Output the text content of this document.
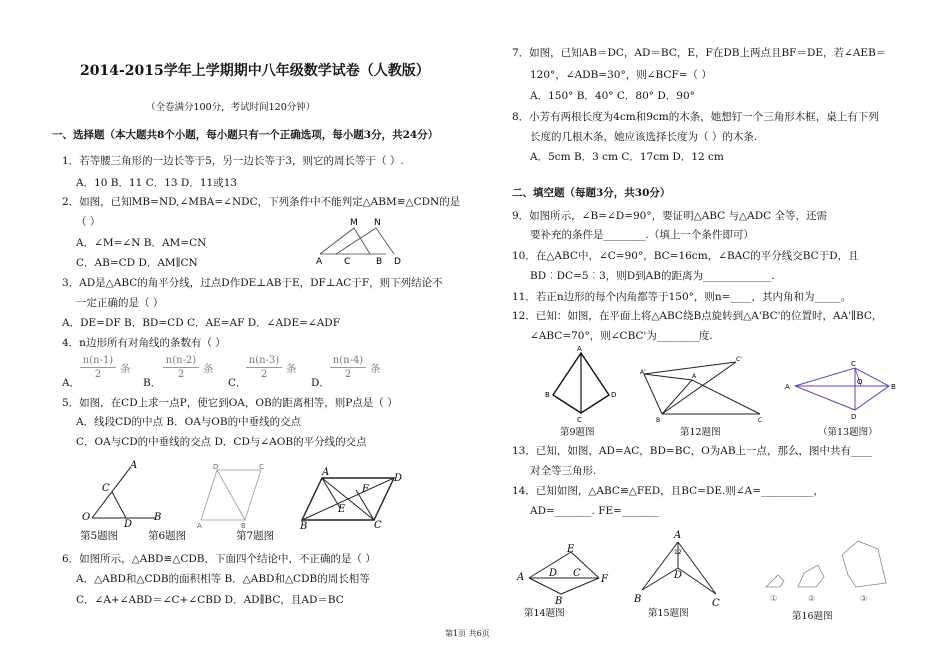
2014-2015学年上学期期中八年级数学试卷（人教版）
（全卷满分100分，考试时间120分钟）
一、选择题（本大题共8个小题，每小题只有一个正确选项，每小题3分，共24分）
1．若等腰三角形的一边长等于5，另一边长等于3，则它的周长等于（ ）.
A．10 B．11 C．13 D．11或13
2．如图，已知MB=ND,∠MBA=∠NDC，下列条件中不能判定△ABM≌△CDN的是
（ ）
A．∠M=∠N B．AM=CN
C．AB=CD D．AM∥CN
M N
A C	B D
3．AD是△ABC的角平分线，过点D作DE⊥AB于E，DF⊥AC于F，则下列结论不
一定正确的是（ ）
A．DE=DF B．BD=CD C．AE=AF D．∠ADE=∠ADF
4．n边形所有对角线的条数有（ ）
A．
n(n-1)
2	条
B．
n(n-2)
2	条
C．
n(n-3)
2	条
D．
n(n-4)
2	条
5．如图，在CD上求一点P，使它到OA，OB的距离相等，则P点是（ ）
A．线段CD的中点 B．OA与OB的中垂线的交点
C．OA与CD的中垂线的交点 D．CD与∠AOB的平分线的交点
A
C
O
D
B
第5题图
D	C
A	B
第6题图
A
D
F
E
B	C
第7题图
6．如图所示，△ABD≌△CDB，下面四个结论中，不正确的是（ ）
A．△ABD和△CDB的面积相等 B．△ABD和△CDB的周长相等
C．∠A+∠ABD＝∠C+∠CBD D．AD∥BC，且AD＝BC
7．如图，已知AB＝DC，AD＝BC，E，F在DB上两点且BF＝DE，若∠AEB＝
120°，∠ADB=30°，则∠BCF=（ ）
A．150° B．40° C．80° D．90°
8．小芳有两根长度为4cm和9cm的木条，她想钉一个三角形木框，桌上有下列
长度的几根木条，她应该选择长度为（ ）的木条.
A．5cm B．3 cm C．17cm D．12 cm
二、填空题（每题3分，共30分）
9．如图所示，∠B=∠D=90°，要证明△ABC 与△ADC 全等，还需
要补充的条件是________.（填上一个条件即可）
10．在△ABC中，∠C=90°，BC=16cm，∠BAC的平分线交BC于D，且
BD︰DC=5︰3，则D到AB的距离为_____________.
11．若正n边形的每个内角都等于150°，则n=____，其内角和为_____。
12．已知：如图，在平面上将△ABC绕B点旋转到△A'BC'的位置时，AA'∥BC，
∠ABC=70°，则∠CBC'为________度.
A
B	D
C
A'
C'
A
B	C
C
A
O
B
D
第9题图	第12题图	（第13题图）
13．已知，如图，AD=AC，BD=BC，O为AB上一点，那么，图中共有____
对全等三角形.
14．已知如图，△ABC≌△FED，且BC=DE.则∠A=__________，
AD=_______. FE=_______
E
A D C
F
B
A
12
D
B	C	①	②	③
第14题图	第15题图	第16题图
第1页 共6页
